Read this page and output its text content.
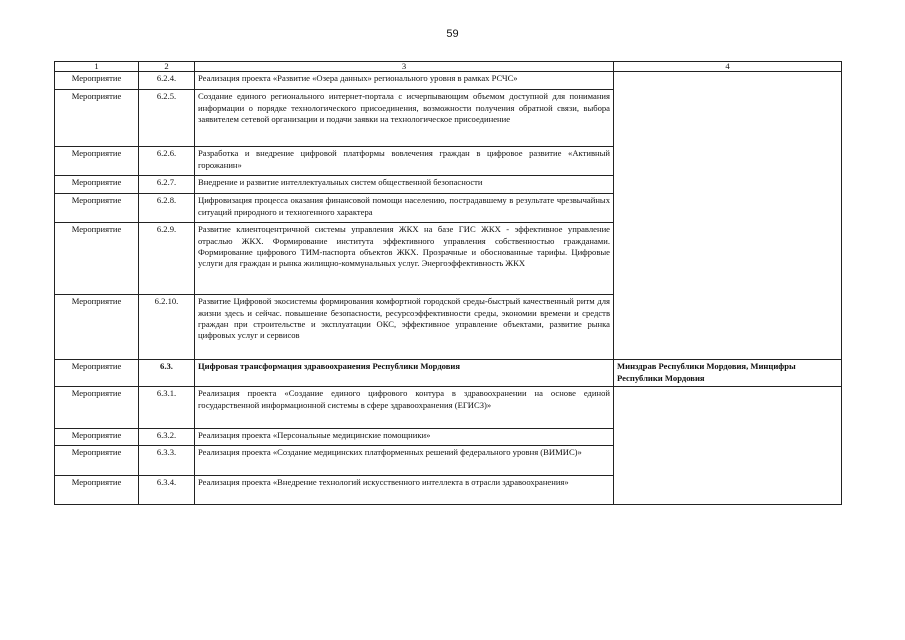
59
1	2	3	4
Мероприятие	6.2.4.	Реализация проекта «Развитие «Озера данных» регионального уровня в рамках РСЧС»	
Мероприятие	6.2.5.	Создание единого регионального интернет-портала с исчерпывающим объемом доступной для понимания информации о порядке технологического присоединения, возможности получения обратной связи, выбора заявителем сетевой организации и подачи заявки на технологическое присоединение	
Мероприятие	6.2.6.	Разработка и внедрение цифровой платформы вовлечения граждан в цифровое развитие «Активный горожанин»	
Мероприятие	6.2.7.	Внедрение и развитие интеллектуальных систем общественной безопасности	
Мероприятие	6.2.8.	Цифровизация процесса оказания финансовой помощи населению, пострадавшему в результате чрезвычайных ситуаций природного и техногенного характера	
Мероприятие	6.2.9.	Развитие клиентоцентричной системы управления ЖКХ на базе ГИС ЖКХ - эффективное управление отраслью ЖКХ. Формирование института эффективного управления собственностью гражданами. Формирование цифрового ТИМ-паспорта объектов ЖКХ. Прозрачные и обоснованные тарифы. Цифровые услуги для граждан и рынка жилищно-коммунальных услуг. Энергоэффективность ЖКХ	
Мероприятие	6.2.10.	Развитие Цифровой экосистемы формирования комфортной городской среды-быстрый качественный ритм для жизни здесь и сейчас. повышение безопасности, ресурсоэффективности среды, экономии времени и средств граждан при строительстве и эксплуатации ОКС, эффективное управление объектами, развитие рынка цифровых услуг и сервисов	
Мероприятие	6.3.	Цифровая трансформация здравоохранения Республики Мордовия	Минздрав Республики Мордовия, Минцифры Республики Мордовия
Мероприятие	6.3.1.	Реализация проекта «Создание единого цифрового контура в здравоохранении на основе единой государственной информационной системы в сфере здравоохранения (ЕГИСЗ)»	
Мероприятие	6.3.2.	Реализация проекта «Персональные медицинские помощники»	
Мероприятие	6.3.3.	Реализация проекта «Создание медицинских платформенных решений федерального уровня (ВИМИС)»	
Мероприятие	6.3.4.	Реализация проекта «Внедрение технологий искусственного интеллекта в отрасли здравоохранения»	
